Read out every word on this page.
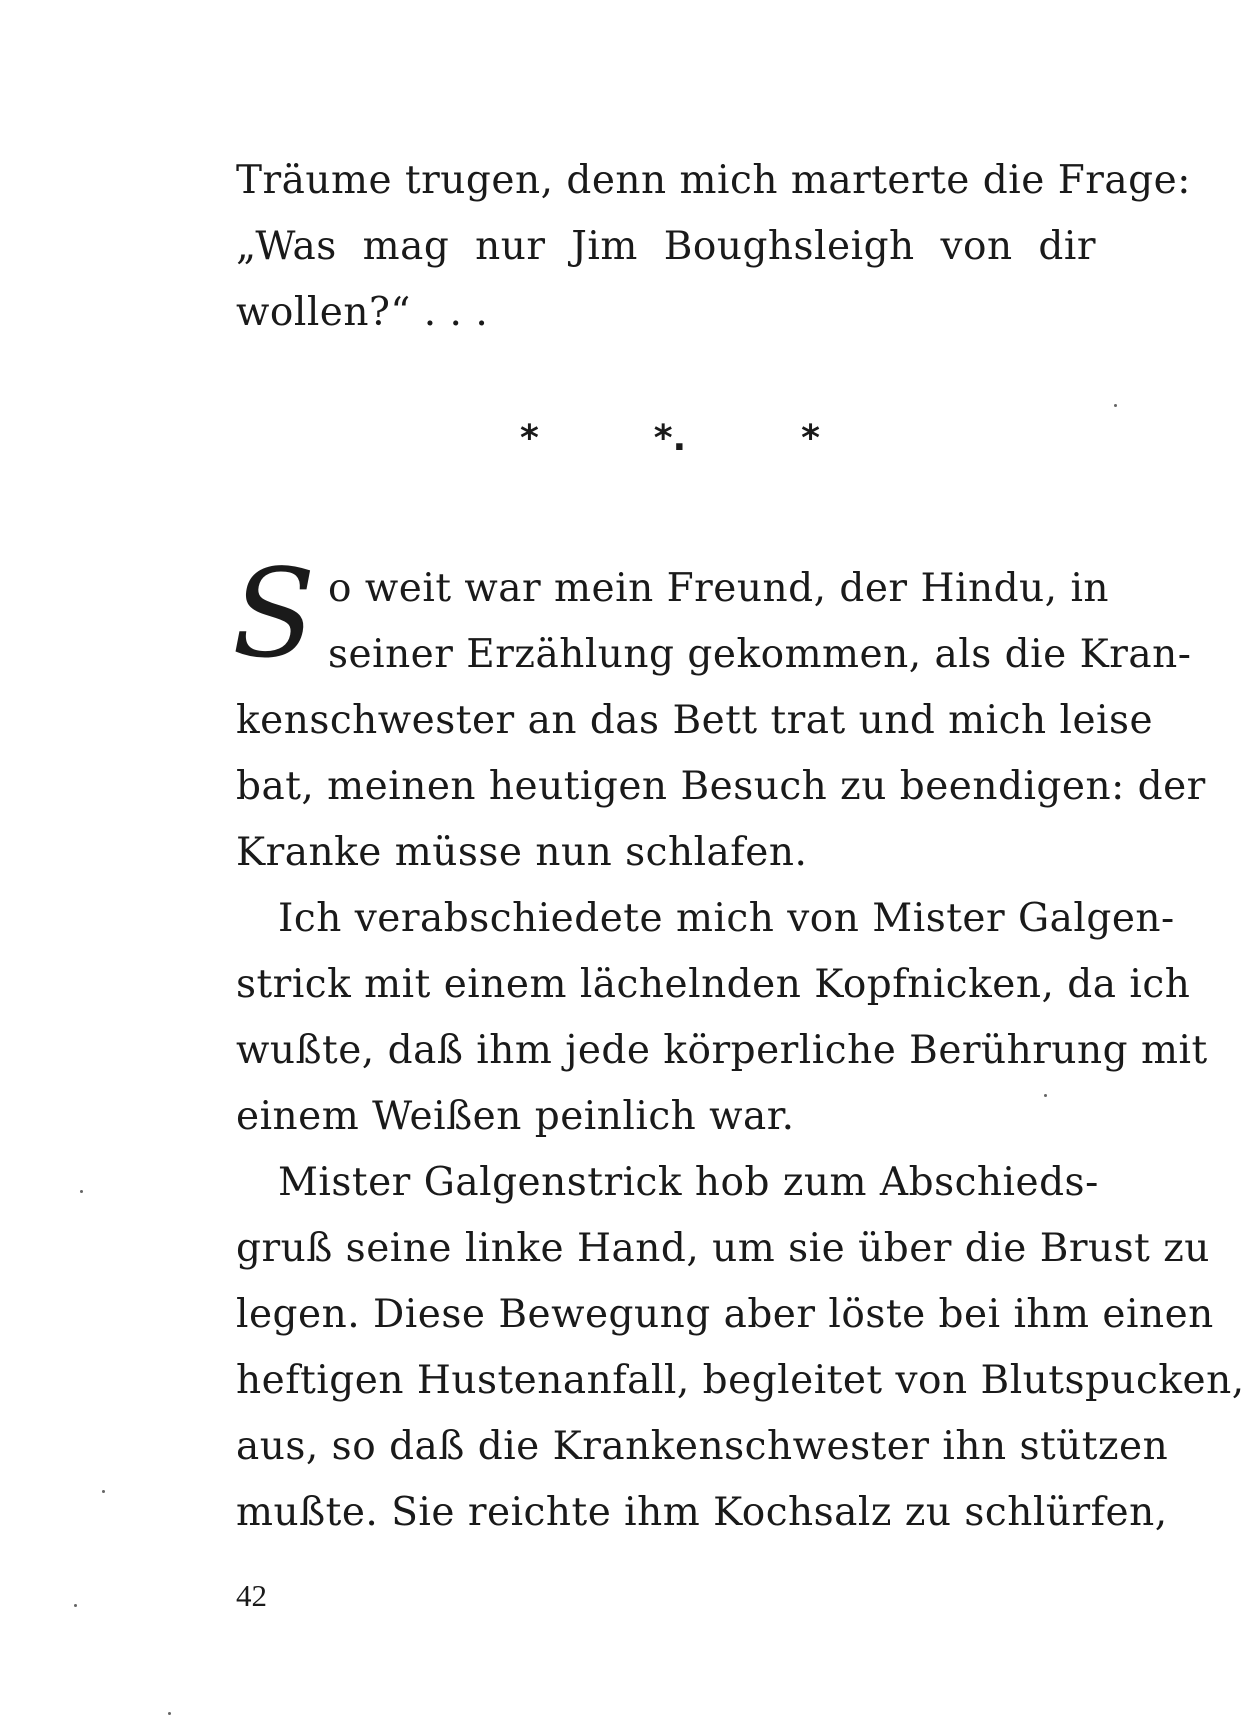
Träume trugen, denn mich marterte die Frage:
„Was mag nur Jim Boughsleigh von dir
wollen?“ . . .
*	*.	*
S o weit war mein Freund, der Hindu, in
seiner Erzählung gekommen, als die Kran-
kenschwester an das Bett trat und mich leise
bat, meinen heutigen Besuch zu beendigen: der
Kranke müsse nun schlafen.
Ich verabschiedete mich von Mister Galgen-
strick mit einem lächelnden Kopfnicken, da ich
wußte, daß ihm jede körperliche Berührung mit
einem Weißen peinlich war.
Mister Galgenstrick hob zum Abschieds-
gruß seine linke Hand, um sie über die Brust zu
legen. Diese Bewegung aber löste bei ihm einen
heftigen Hustenanfall, begleitet von Blutspucken,
aus, so daß die Krankenschwester ihn stützen
mußte. Sie reichte ihm Kochsalz zu schlürfen,
42
